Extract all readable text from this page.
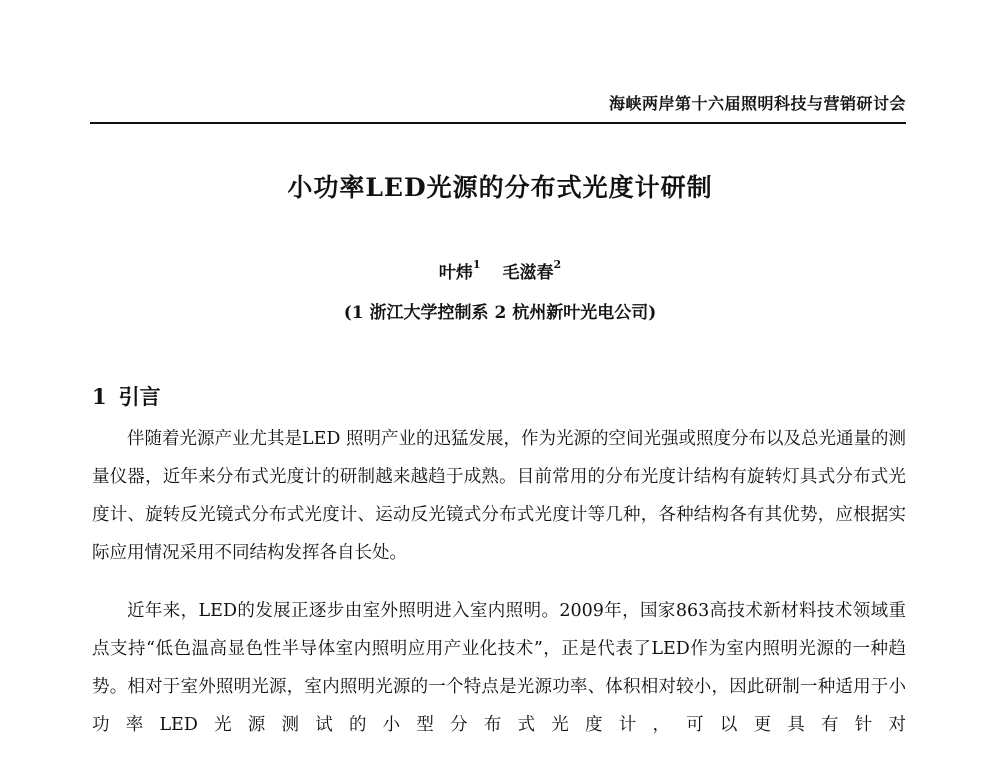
海峡两岸第十六届照明科技与营销研讨会
小功率LED光源的分布式光度计研制
叶炜$^1$ 毛滋春$^2$
(1 浙江大学控制系 2 杭州新叶光电公司)
1 引言

伴随着光源产业尤其是LED 照明产业的迅猛发展，作为光源的空间光强或照度分布以及总光通量的测量仪器，近年来分布式光度计的研制越来越趋于成熟。目前常用的分布光度计结构有旋转灯具式分布式光度计、旋转反光镜式分布式光度计、运动反光镜式分布式光度计等几种，各种结构各有其优势，应根据实际应用情况采用不同结构发挥各自长处。

近年来，LED的发展正逐步由室外照明进入室内照明。2009年，国家863高技术新材料技术领域重点支持“低色温高显色性半导体室内照明应用产业化技术”，正是代表了LED作为室内照明光源的一种趋势。相对于室外照明光源，室内照明光源的一个特点是光源功率、体积相对较小，因此研制一种适用于小功率LED光源测试的小型分布式光度计，可以更具有针对
